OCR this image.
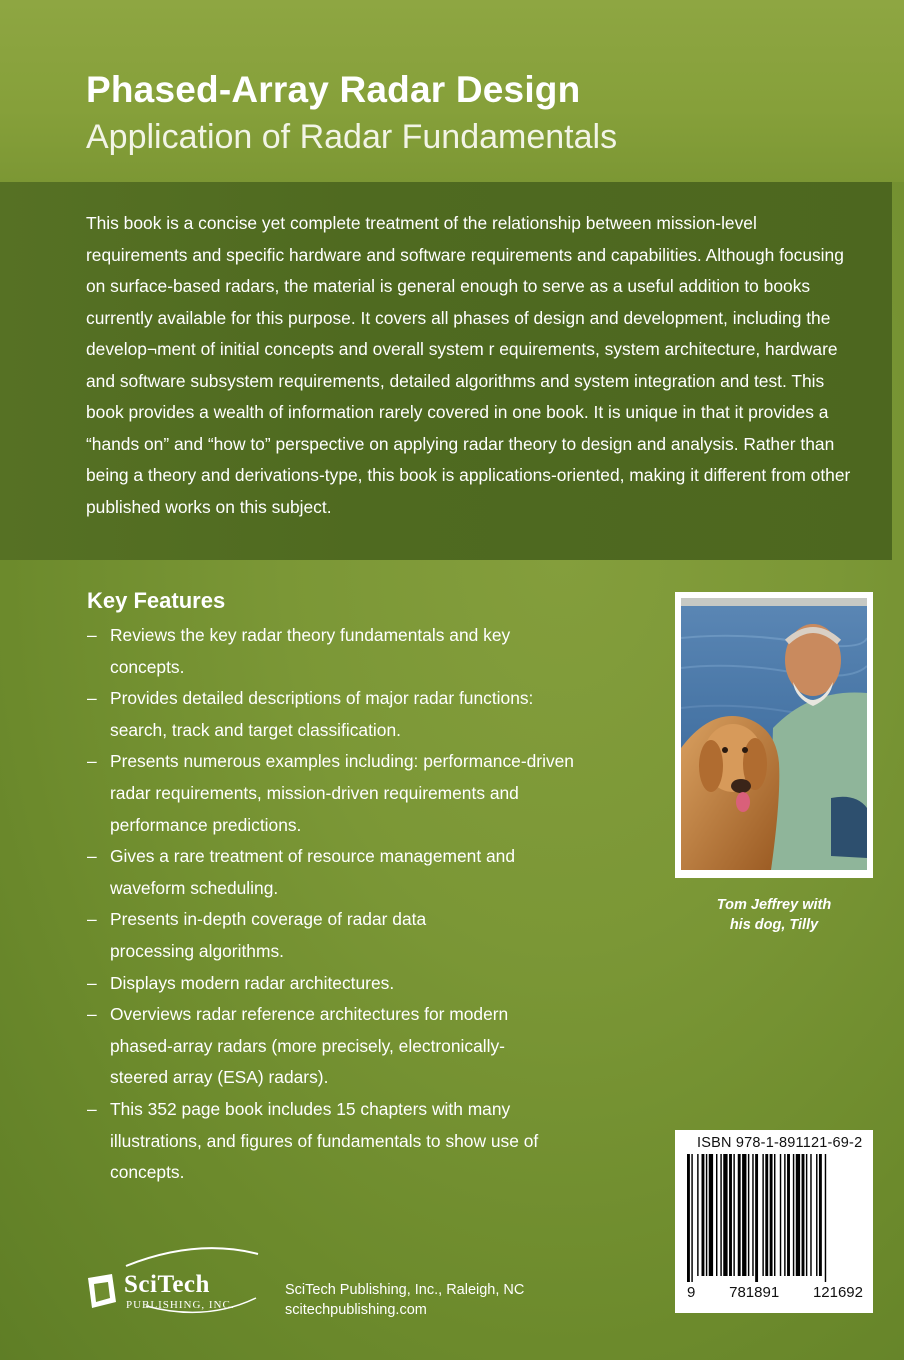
Phased-Array Radar Design
Application of Radar Fundamentals

This book is a concise yet complete treatment of the relationship between mission-level requirements and specific hardware and software requirements and capabilities. Although focusing on surface-based radars, the material is general enough to serve as a useful addition to books currently available for this purpose. It covers all phases of design and development, including the develop¬ment of initial concepts and overall system r equirements, system architecture, hardware and software subsystem requirements, detailed algorithms and system integration and test. This book provides a wealth of information rarely covered in one book. It is unique in that it provides a “hands on” and “how to” perspective on applying radar theory to design and analysis. Rather than being a theory and derivations-type, this book is applications-oriented, making it different from other published works on this subject.

Key Features
– Reviews the key radar theory fundamentals and key concepts.
– Provides detailed descriptions of major radar functions: search, track and target classification.
– Presents numerous examples including: performance-driven radar requirements, mission-driven requirements and performance predictions.
– Gives a rare treatment of resource management and waveform scheduling.
– Presents in-depth coverage of radar data processing algorithms.
– Displays modern radar architectures.
– Overviews radar reference architectures for modern phased-array radars (more precisely, electronically-steered array (ESA) radars).
– This 352 page book includes 15 chapters with many illustrations, and figures of fundamentals to show use of concepts.

Tom Jeffrey with
his dog, Tilly

ISBN 978-1-891121-69-2

9 781891 121692

SciTech
PUBLISHING, INC.

SciTech Publishing, Inc., Raleigh, NC

scitechpublishing.com
